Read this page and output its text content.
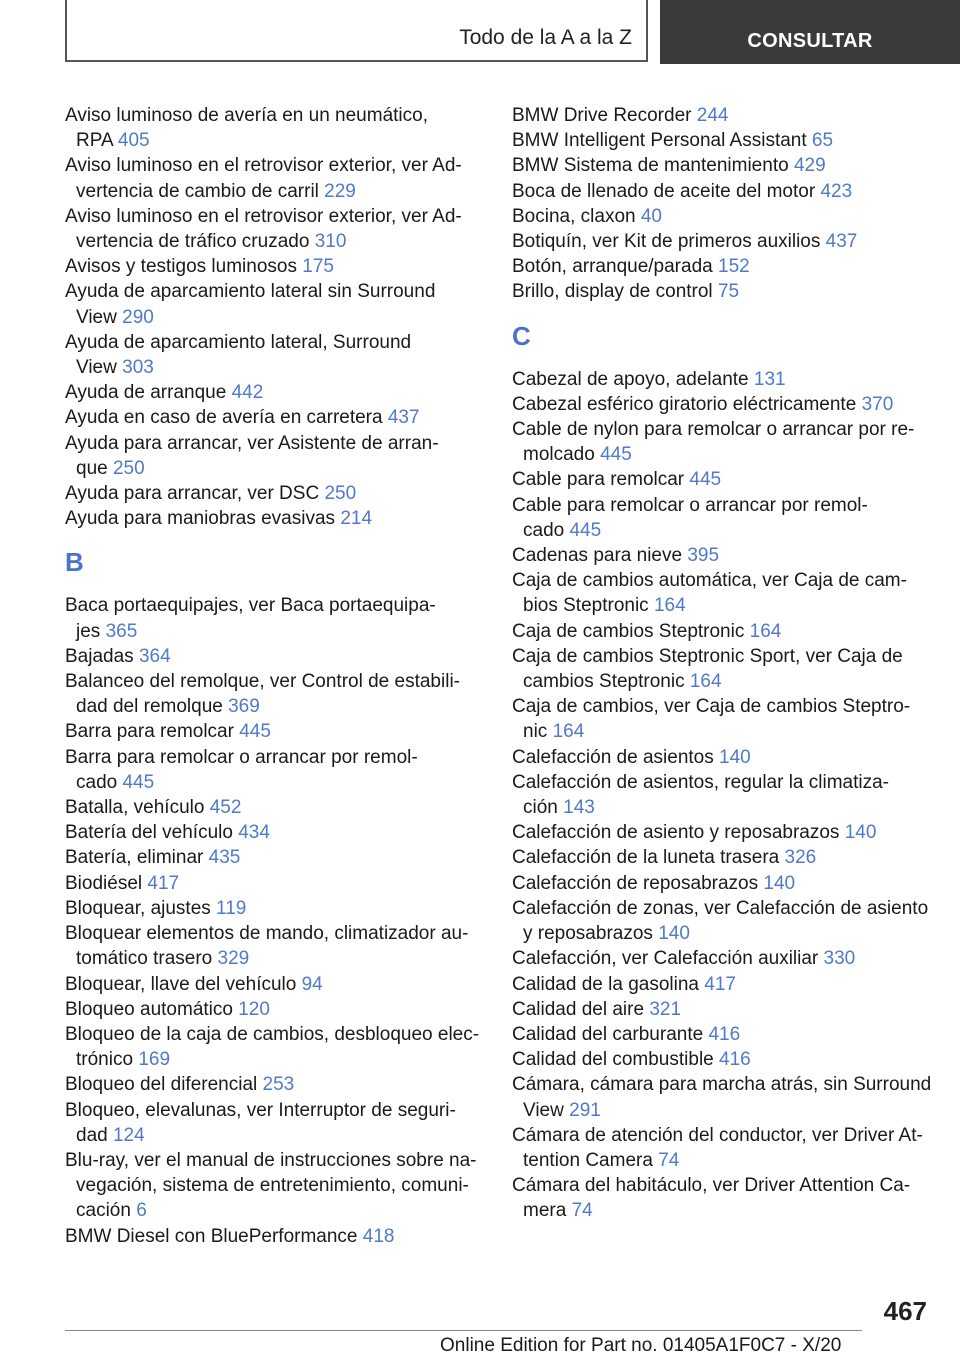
Todo de la A a la Z	CONSULTAR
Aviso luminoso de avería en un neumático,
RPA 405
Aviso luminoso en el retrovisor exterior, ver Ad‐
vertencia de cambio de carril 229
Aviso luminoso en el retrovisor exterior, ver Ad‐
vertencia de tráfico cruzado 310
Avisos y testigos luminosos 175
Ayuda de aparcamiento lateral sin Surround
View 290
Ayuda de aparcamiento lateral, Surround
View 303
Ayuda de arranque 442
Ayuda en caso de avería en carretera 437
Ayuda para arrancar, ver Asistente de arran‐
que 250
Ayuda para arrancar, ver DSC 250
Ayuda para maniobras evasivas 214
B
Baca portaequipajes, ver Baca portaequipa‐
jes 365
Bajadas 364
Balanceo del remolque, ver Control de estabili‐
dad del remolque 369
Barra para remolcar 445
Barra para remolcar o arrancar por remol‐
cado 445
Batalla, vehículo 452
Batería del vehículo 434
Batería, eliminar 435
Biodiésel 417
Bloquear, ajustes 119
Bloquear elementos de mando, climatizador au‐
tomático trasero 329
Bloquear, llave del vehículo 94
Bloqueo automático 120
Bloqueo de la caja de cambios, desbloqueo elec‐
trónico 169
Bloqueo del diferencial 253
Bloqueo, elevalunas, ver Interruptor de seguri‐
dad 124
Blu-ray, ver el manual de instrucciones sobre na‐
vegación, sistema de entretenimiento, comuni‐
cación 6
BMW Diesel con BluePerformance 418
BMW Drive Recorder 244
BMW Intelligent Personal Assistant 65
BMW Sistema de mantenimiento 429
Boca de llenado de aceite del motor 423
Bocina, claxon 40
Botiquín, ver Kit de primeros auxilios 437
Botón, arranque/parada 152
Brillo, display de control 75
C
Cabezal de apoyo, adelante 131
Cabezal esférico giratorio eléctricamente 370
Cable de nylon para remolcar o arrancar por re‐
molcado 445
Cable para remolcar 445
Cable para remolcar o arrancar por remol‐
cado 445
Cadenas para nieve 395
Caja de cambios automática, ver Caja de cam‐
bios Steptronic 164
Caja de cambios Steptronic 164
Caja de cambios Steptronic Sport, ver Caja de
cambios Steptronic 164
Caja de cambios, ver Caja de cambios Steptro‐
nic 164
Calefacción de asientos 140
Calefacción de asientos, regular la climatiza‐
ción 143
Calefacción de asiento y reposabrazos 140
Calefacción de la luneta trasera 326
Calefacción de reposabrazos 140
Calefacción de zonas, ver Calefacción de asiento
y reposabrazos 140
Calefacción, ver Calefacción auxiliar 330
Calidad de la gasolina 417
Calidad del aire 321
Calidad del carburante 416
Calidad del combustible 416
Cámara, cámara para marcha atrás, sin Surround
View 291
Cámara de atención del conductor, ver Driver At‐
tention Camera 74
Cámara del habitáculo, ver Driver Attention Ca‐
mera 74
467
Online Edition for Part no. 01405A1F0C7 - X/20
